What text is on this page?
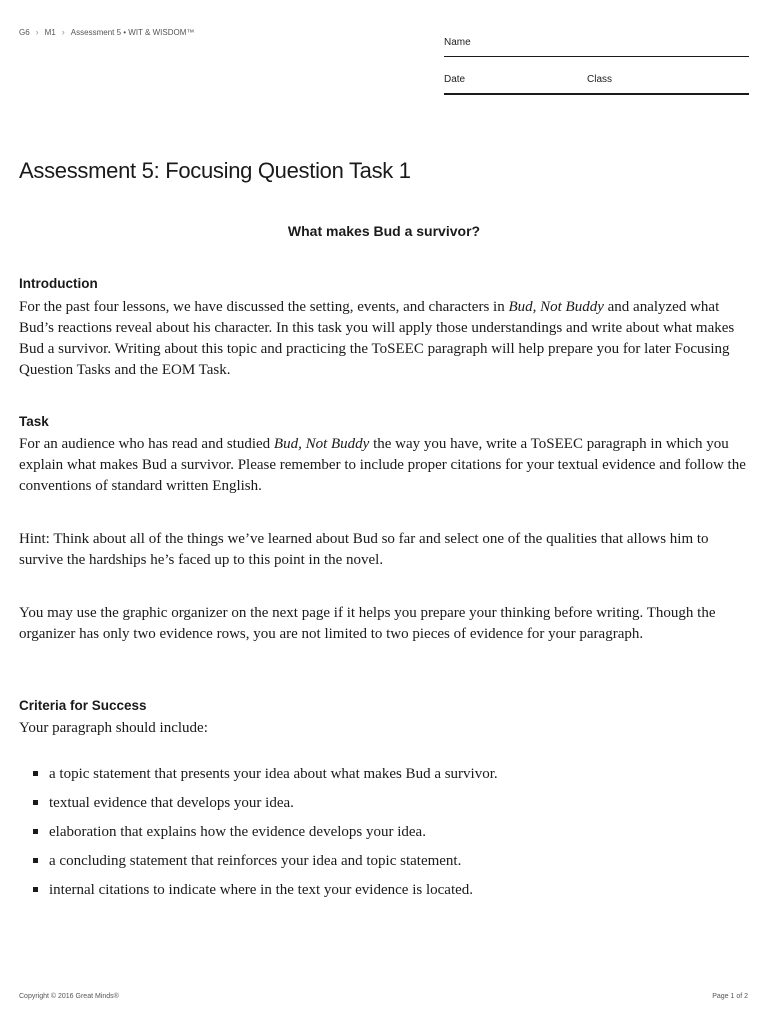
G6 › M1 › Assessment 5 • WIT & WISDOM™
Name
Date	Class
Assessment 5: Focusing Question Task 1

What makes Bud a survivor?

Introduction

For the past four lessons, we have discussed the setting, events, and characters in Bud, Not Buddy and analyzed what Bud’s reactions reveal about his character. In this task you will apply those understandings and write about what makes Bud a survivor. Writing about this topic and practicing the ToSEEC paragraph will help prepare you for later Focusing Question Tasks and the EOM Task.

Task

For an audience who has read and studied Bud, Not Buddy the way you have, write a ToSEEC paragraph in which you explain what makes Bud a survivor. Please remember to include proper citations for your textual evidence and follow the conventions of standard written English.

Hint: Think about all of the things we’ve learned about Bud so far and select one of the qualities that allows him to survive the hardships he’s faced up to this point in the novel.

You may use the graphic organizer on the next page if it helps you prepare your thinking before writing. Though the organizer has only two evidence rows, you are not limited to two pieces of evidence for your paragraph.

Criteria for Success

Your paragraph should include:

a topic statement that presents your idea about what makes Bud a survivor.
textual evidence that develops your idea.
elaboration that explains how the evidence develops your idea.
a concluding statement that reinforces your idea and topic statement.
internal citations to indicate where in the text your evidence is located.
Copyright © 2016 Great Minds®	Page 1 of 2
